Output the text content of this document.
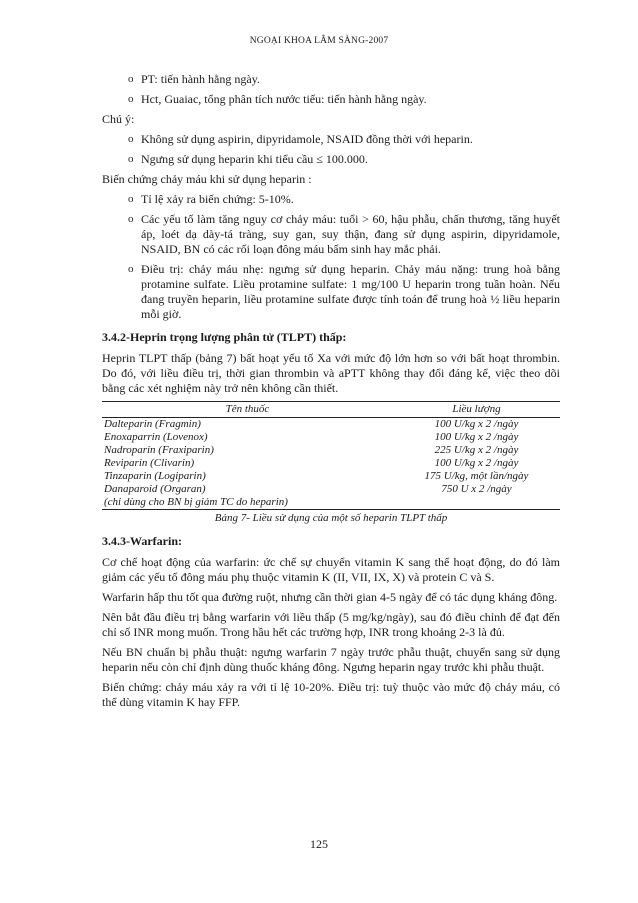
NGOẠI KHOA LÂM SÀNG-2007
o PT: tiến hành hằng ngày.
o Hct, Guaiac, tổng phân tích nước tiểu: tiến hành hằng ngày.
Chú ý:
o Không sử dụng aspirin, dipyridamole, NSAID đồng thời với heparin.
o Ngưng sử dụng heparin khi tiểu cầu ≤ 100.000.
Biến chứng chảy máu khi sử dụng heparin :
o Tỉ lệ xảy ra biến chứng: 5-10%.
o Các yếu tố làm tăng nguy cơ chảy máu: tuổi > 60, hậu phẫu, chấn thương, tăng huyết áp, loét dạ dày-tá tràng, suy gan, suy thận, đang sử dụng aspirin, dipyridamole, NSAID, BN có các rối loạn đông máu bẩm sinh hay mắc phải.
o Điều trị: chảy máu nhẹ: ngưng sử dụng heparin. Chảy máu nặng: trung hoà bằng protamine sulfate. Liều protamine sulfate: 1 mg/100 U heparin trong tuần hoàn. Nếu đang truyền heparin, liều protamine sulfate được tính toán để trung hoà ½ liều heparin mỗi giờ.
3.4.2-Heprin trọng lượng phân tử (TLPT) thấp:
Heprin TLPT thấp (bảng 7) bất hoạt yếu tố Xa với mức độ lớn hơn so với bất hoạt thrombin. Do đó, với liều điều trị, thời gian thrombin và aPTT không thay đổi đáng kể, việc theo dõi bằng các xét nghiệm này trở nên không cần thiết.
Tên thuốc	Liều lượng
Dalteparin (Fragmin)	100 U/kg x 2 /ngày
Enoxaparrin (Lovenox)	100 U/kg x 2 /ngày
Nadroparin (Fraxiparin)	225 U/kg x 2 /ngày
Reviparin (Clivarin)	100 U/kg x 2 /ngày
Tinzaparin (Logiparin)	175 U/kg, một lần/ngày
Danaparoid (Orgaran)	750 U x 2 /ngày
(chỉ dùng cho BN bị giảm TC do heparin)	
Bảng 7- Liều sử dụng của một số heparin TLPT thấp
3.4.3-Warfarin:
Cơ chế hoạt động của warfarin: ức chế sự chuyển vitamin K sang thể hoạt động, do đó làm giảm các yếu tố đông máu phụ thuộc vitamin K (II, VII, IX, X) và protein C và S.
Warfarin hấp thu tốt qua đường ruột, nhưng cần thời gian 4-5 ngày để có tác dụng kháng đông.
Nên bắt đầu điều trị bằng warfarin với liều thấp (5 mg/kg/ngày), sau đó điều chỉnh để đạt đến chỉ số INR mong muốn. Trong hầu hết các trường hợp, INR trong khoảng 2-3 là đủ.
Nếu BN chuẩn bị phẫu thuật: ngưng warfarin 7 ngày trước phẫu thuật, chuyển sang sử dụng heparin nếu còn chỉ định dùng thuốc kháng đông. Ngưng heparin ngay trước khi phẫu thuật.
Biến chứng: chảy máu xảy ra với tỉ lệ 10-20%. Điều trị: tuỳ thuộc vào mức độ chảy máu, có thể dùng vitamin K hay FFP.
125
